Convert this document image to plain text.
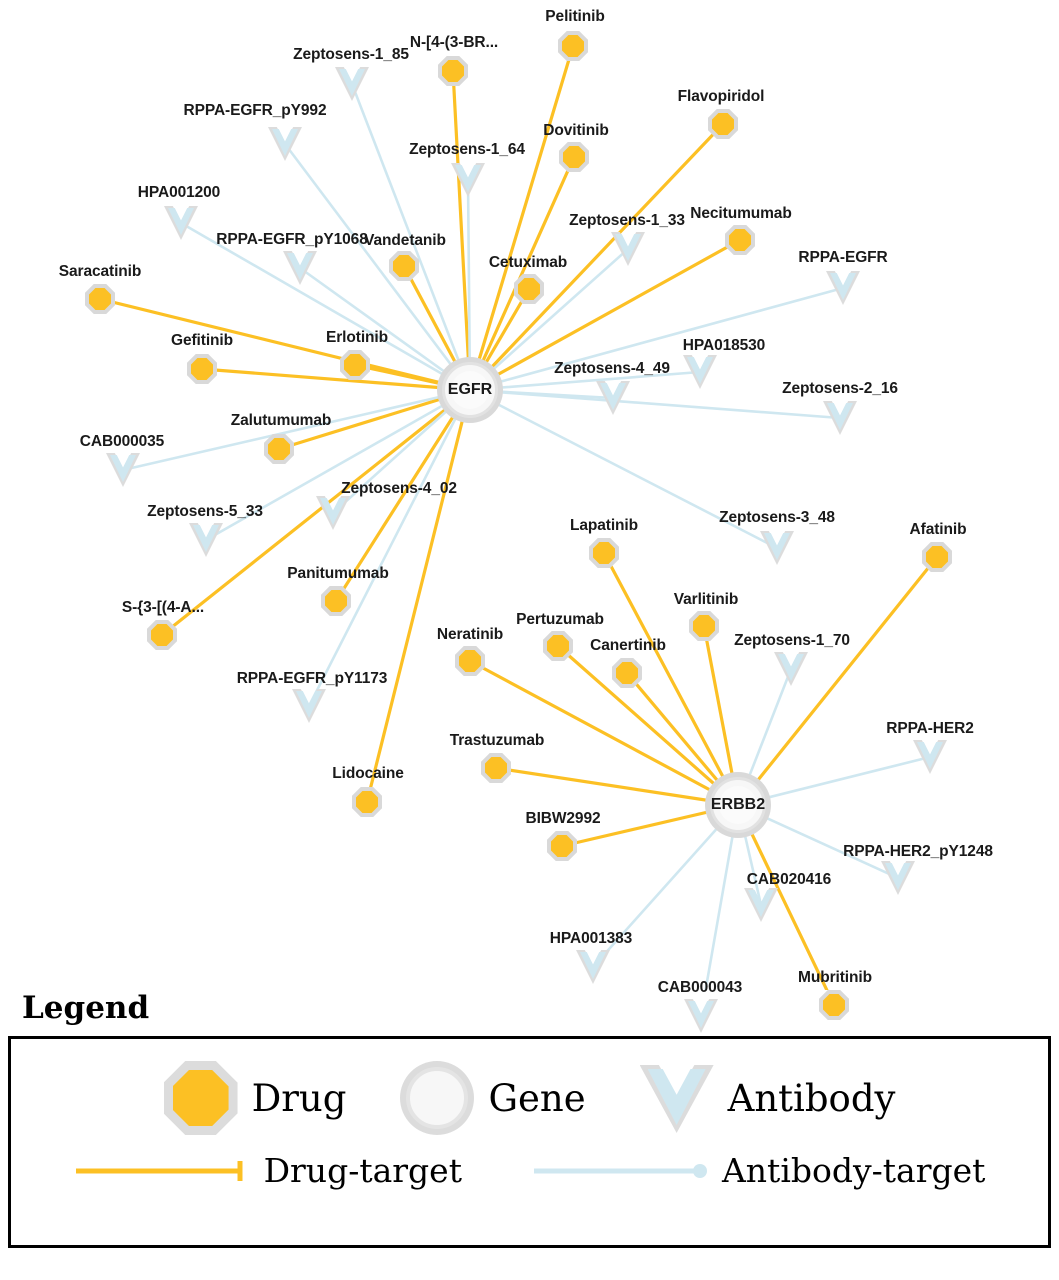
Pelitinib
N-[4-(3-BR...
Flavopiridol
Dovitinib
Necitumumab
Vandetanib
Cetuximab
Saracatinib
Gefitinib	Erlotinib
Zalutumumab
Lapatinib	Afatinib
Varlitinib
Panitumumab
S-{3-[(4-A...
Pertuzumab
Neratinib
Canertinib
Trastuzumab
Lidocaine
BIBW2992
Mubritinib
Zeptosens-1_85
RPPA-EGFR_pY992
Zeptosens-1_64
HPA001200
Zeptosens-1_33
RPPA-EGFR_pY1068
RPPA-EGFR
HPA018530
Zeptosens-4_49
Zeptosens-2_16
CAB000035
Zeptosens-5_33
Zeptosens-4_02
Zeptosens-3_48
Zeptosens-1_70
RPPA-EGFR_pY1173
RPPA-HER2
RPPA-HER2_pY1248
CAB020416
HPA001383
CAB000043
EGFR
ERBB2
Legend
Drug	Gene	Antibody
Drug-target	Antibody-target
